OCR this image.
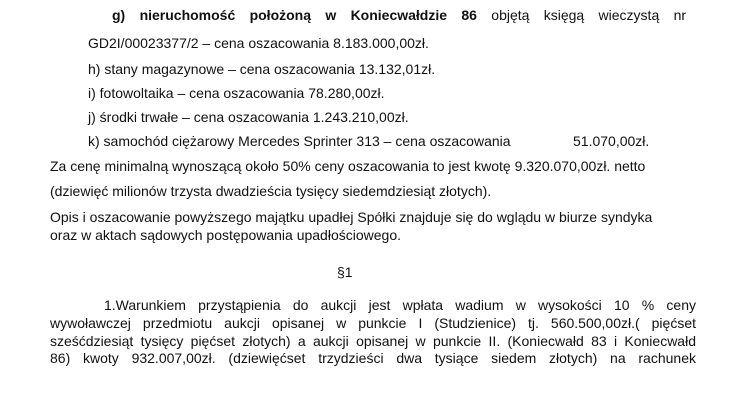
g) nieruchomość położoną w Koniecwałdzie 86 objętą księgą wieczystą nr
GD2I/00023377/2 – cena oszacowania 8.183.000,00zł.
h) stany magazynowe – cena oszacowania 13.132,01zł.
i) fotowoltaika – cena oszacowania 78.280,00zł.
j) środki trwałe – cena oszacowania 1.243.210,00zł.
k) samochód ciężarowy Mercedes Sprinter 313 – cena oszacowania	51.070,00zł.
Za cenę minimalną wynoszącą około 50% ceny oszacowania to jest kwotę 9.320.070,00zł. netto
(dziewięć milionów trzysta dwadzieścia tysięcy siedemdziesiąt złotych).
Opis i oszacowanie powyższego majątku upadłej Spółki znajduje się do wglądu w biurze syndyka
oraz w aktach sądowych postępowania upadłościowego.
§1
1.Warunkiem przystąpienia do aukcji jest wpłata wadium w wysokości 10 % ceny
wywoławczej przedmiotu aukcji opisanej w punkcie I (Studzienice) tj. 560.500,00zł.( pięćset
sześćdziesiąt tysięcy pięćset złotych) a aukcji opisanej w punkcie II. (Koniecwałd 83 i Koniecwałd
86) kwoty 932.007,00zł. (dziewięćset trzydzieści dwa tysiące siedem złotych) na rachunek
